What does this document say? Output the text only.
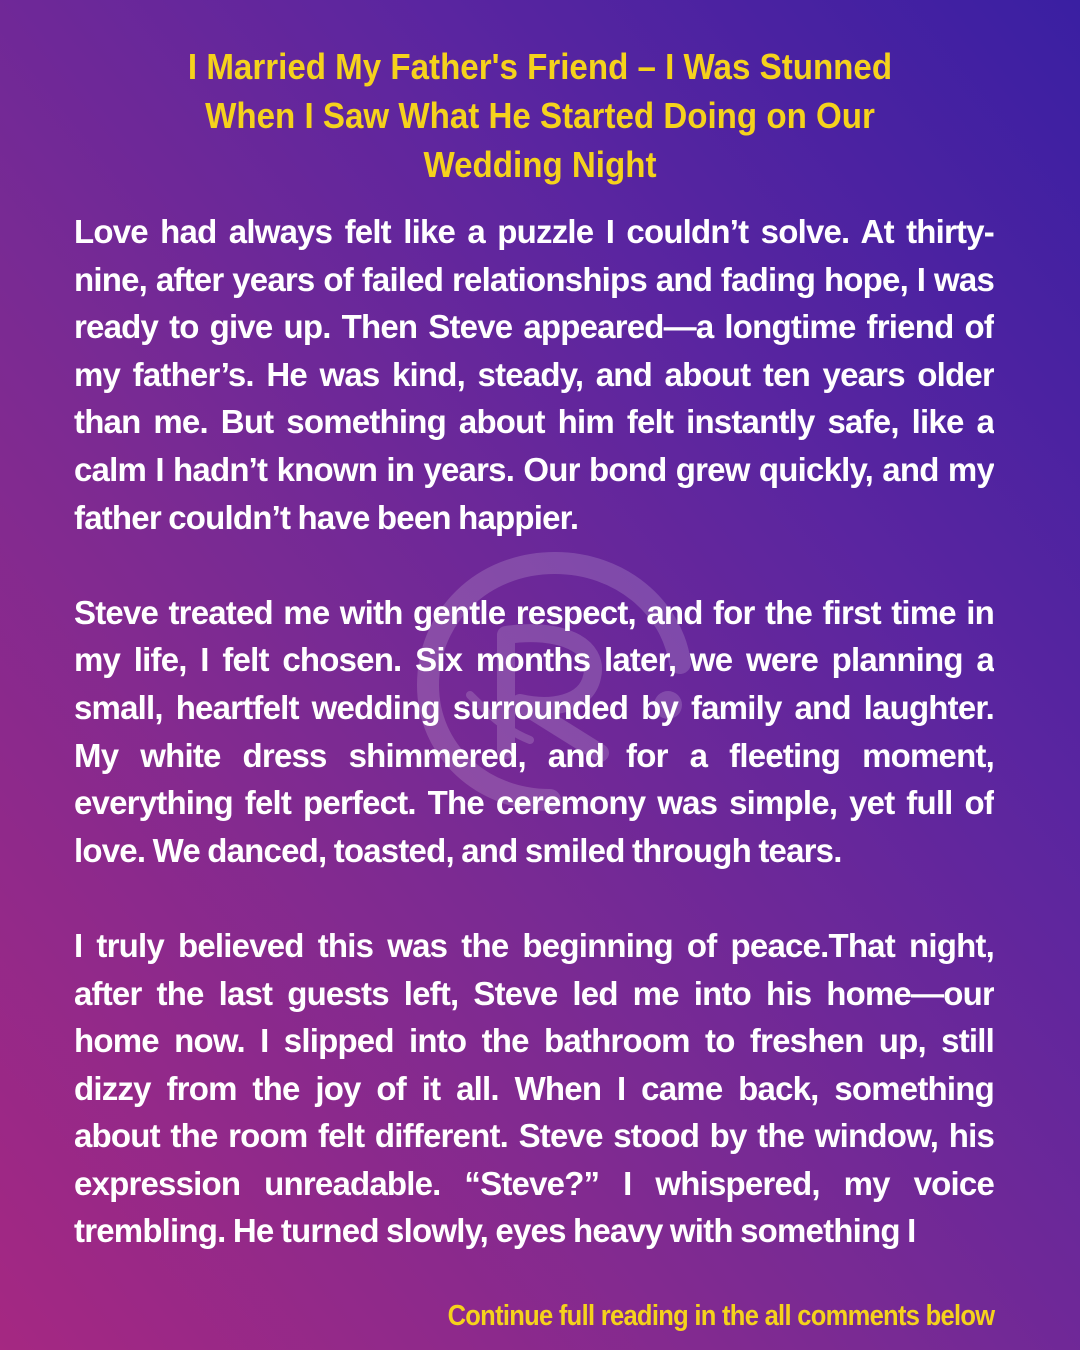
I Married My Father's Friend – I Was Stunned When I Saw What He Started Doing on Our Wedding Night

Love had always felt like a puzzle I couldn’t solve. At thirty-nine, after years of failed relationships and fading hope, I was ready to give up. Then Steve appeared—a longtime friend of my father’s. He was kind, steady, and about ten years older than me. But something about him felt instantly safe, like a calm I hadn’t known in years. Our bond grew quickly, and my father couldn’t have been happier.

Steve treated me with gentle respect, and for the first time in my life, I felt chosen. Six months later, we were planning a small, heartfelt wedding surrounded by family and laughter. My white dress shimmered, and for a fleeting moment, everything felt perfect. The ceremony was simple, yet full of love. We danced, toasted, and smiled through tears.

I truly believed this was the beginning of peace.That night, after the last guests left, Steve led me into his home—our home now. I slipped into the bathroom to freshen up, still dizzy from the joy of it all. When I came back, something about the room felt different. Steve stood by the window, his expression unreadable. “Steve?” I whispered, my voice trembling. He turned slowly, eyes heavy with something I

Continue full reading in the all comments below
